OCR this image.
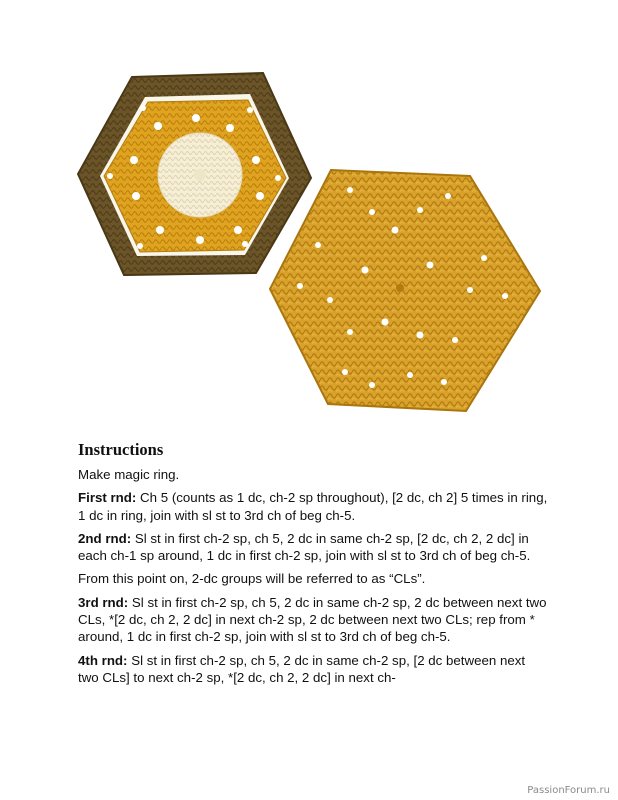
Instructions

Make magic ring.

First rnd: Ch 5 (counts as 1 dc, ch-2 sp throughout), [2 dc, ch 2] 5 times in ring, 1 dc in ring, join with sl st to 3rd ch of beg ch-5.

2nd rnd: Sl st in first ch-2 sp, ch 5, 2 dc in same ch-2 sp, [2 dc, ch 2, 2 dc] in each ch-1 sp around, 1 dc in first ch-2 sp, join with sl st to 3rd ch of beg ch-5.

From this point on, 2-dc groups will be referred to as “CLs”.

3rd rnd: Sl st in first ch-2 sp, ch 5, 2 dc in same ch-2 sp, 2 dc between next two CLs, *[2 dc, ch 2, 2 dc] in next ch-2 sp, 2 dc between next two CLs; rep from * around, 1 dc in first ch-2 sp, join with sl st to 3rd ch of beg ch-5.

4th rnd: Sl st in first ch-2 sp, ch 5, 2 dc in same ch-2 sp, [2 dc between next two CLs] to next ch-2 sp, *[2 dc, ch 2, 2 dc] in next ch-

PassionForum.ru
